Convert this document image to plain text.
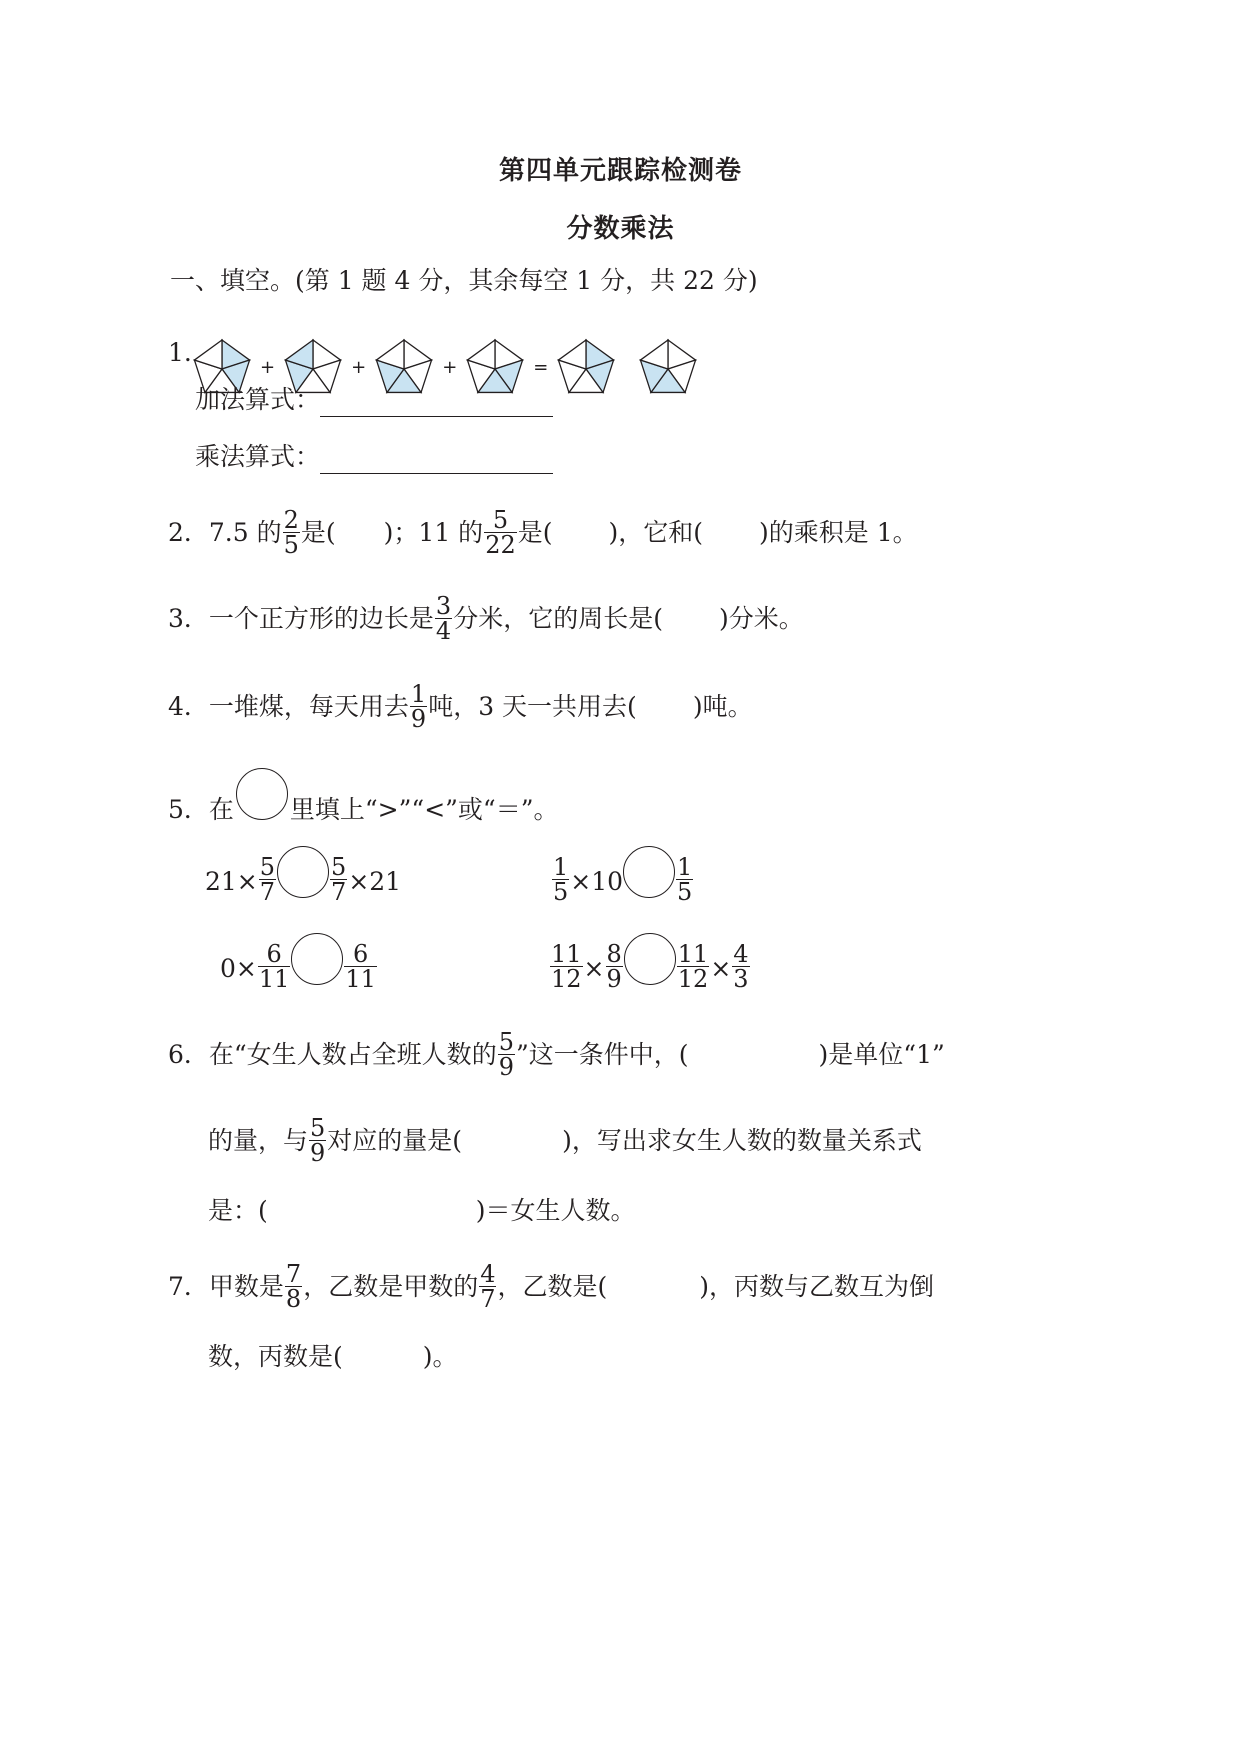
第四单元跟踪检测卷
分数乘法
一、填空。(第 1 题 4 分，其余每空 1 分，共 22 分)
1.	+	+	+	=
加法算式：
乘法算式：
2．7.5 的 $\frac{2}{5}$ 是( )；11 的 $\frac{5}{22}$ 是( )，它和( )的乘积是 1。
3．一个正方形的边长是 $\frac{3}{4}$ 分米，它的周长是( )分米。
4．一堆煤，每天用去 $\frac{1}{9}$ 吨，3 天一共用去( )吨。
5．在 里填上“>”“<”或“＝”。
$21\times \frac{5}{7} \frac{5}{7} \times 21$	$\frac{1}{5} \times 10 \frac{1}{5}$
$0\times \frac{6}{11} \frac{6}{11}$	$\frac{11}{12} \times \frac{8}{9} \frac{11}{12} \times \frac{4}{3}$
6．在“女生人数占全班人数的 $\frac{5}{9}$ ”这一条件中，(	)是单位“1”
的量，与 $\frac{5}{9}$ 对应的量是(	)，写出求女生人数的数量关系式
是：(	)＝女生人数。
7．甲数是 $\frac{7}{8}$ ，乙数是甲数的 $\frac{4}{7}$ ，乙数是(	)，丙数与乙数互为倒
数，丙数是(	)。
